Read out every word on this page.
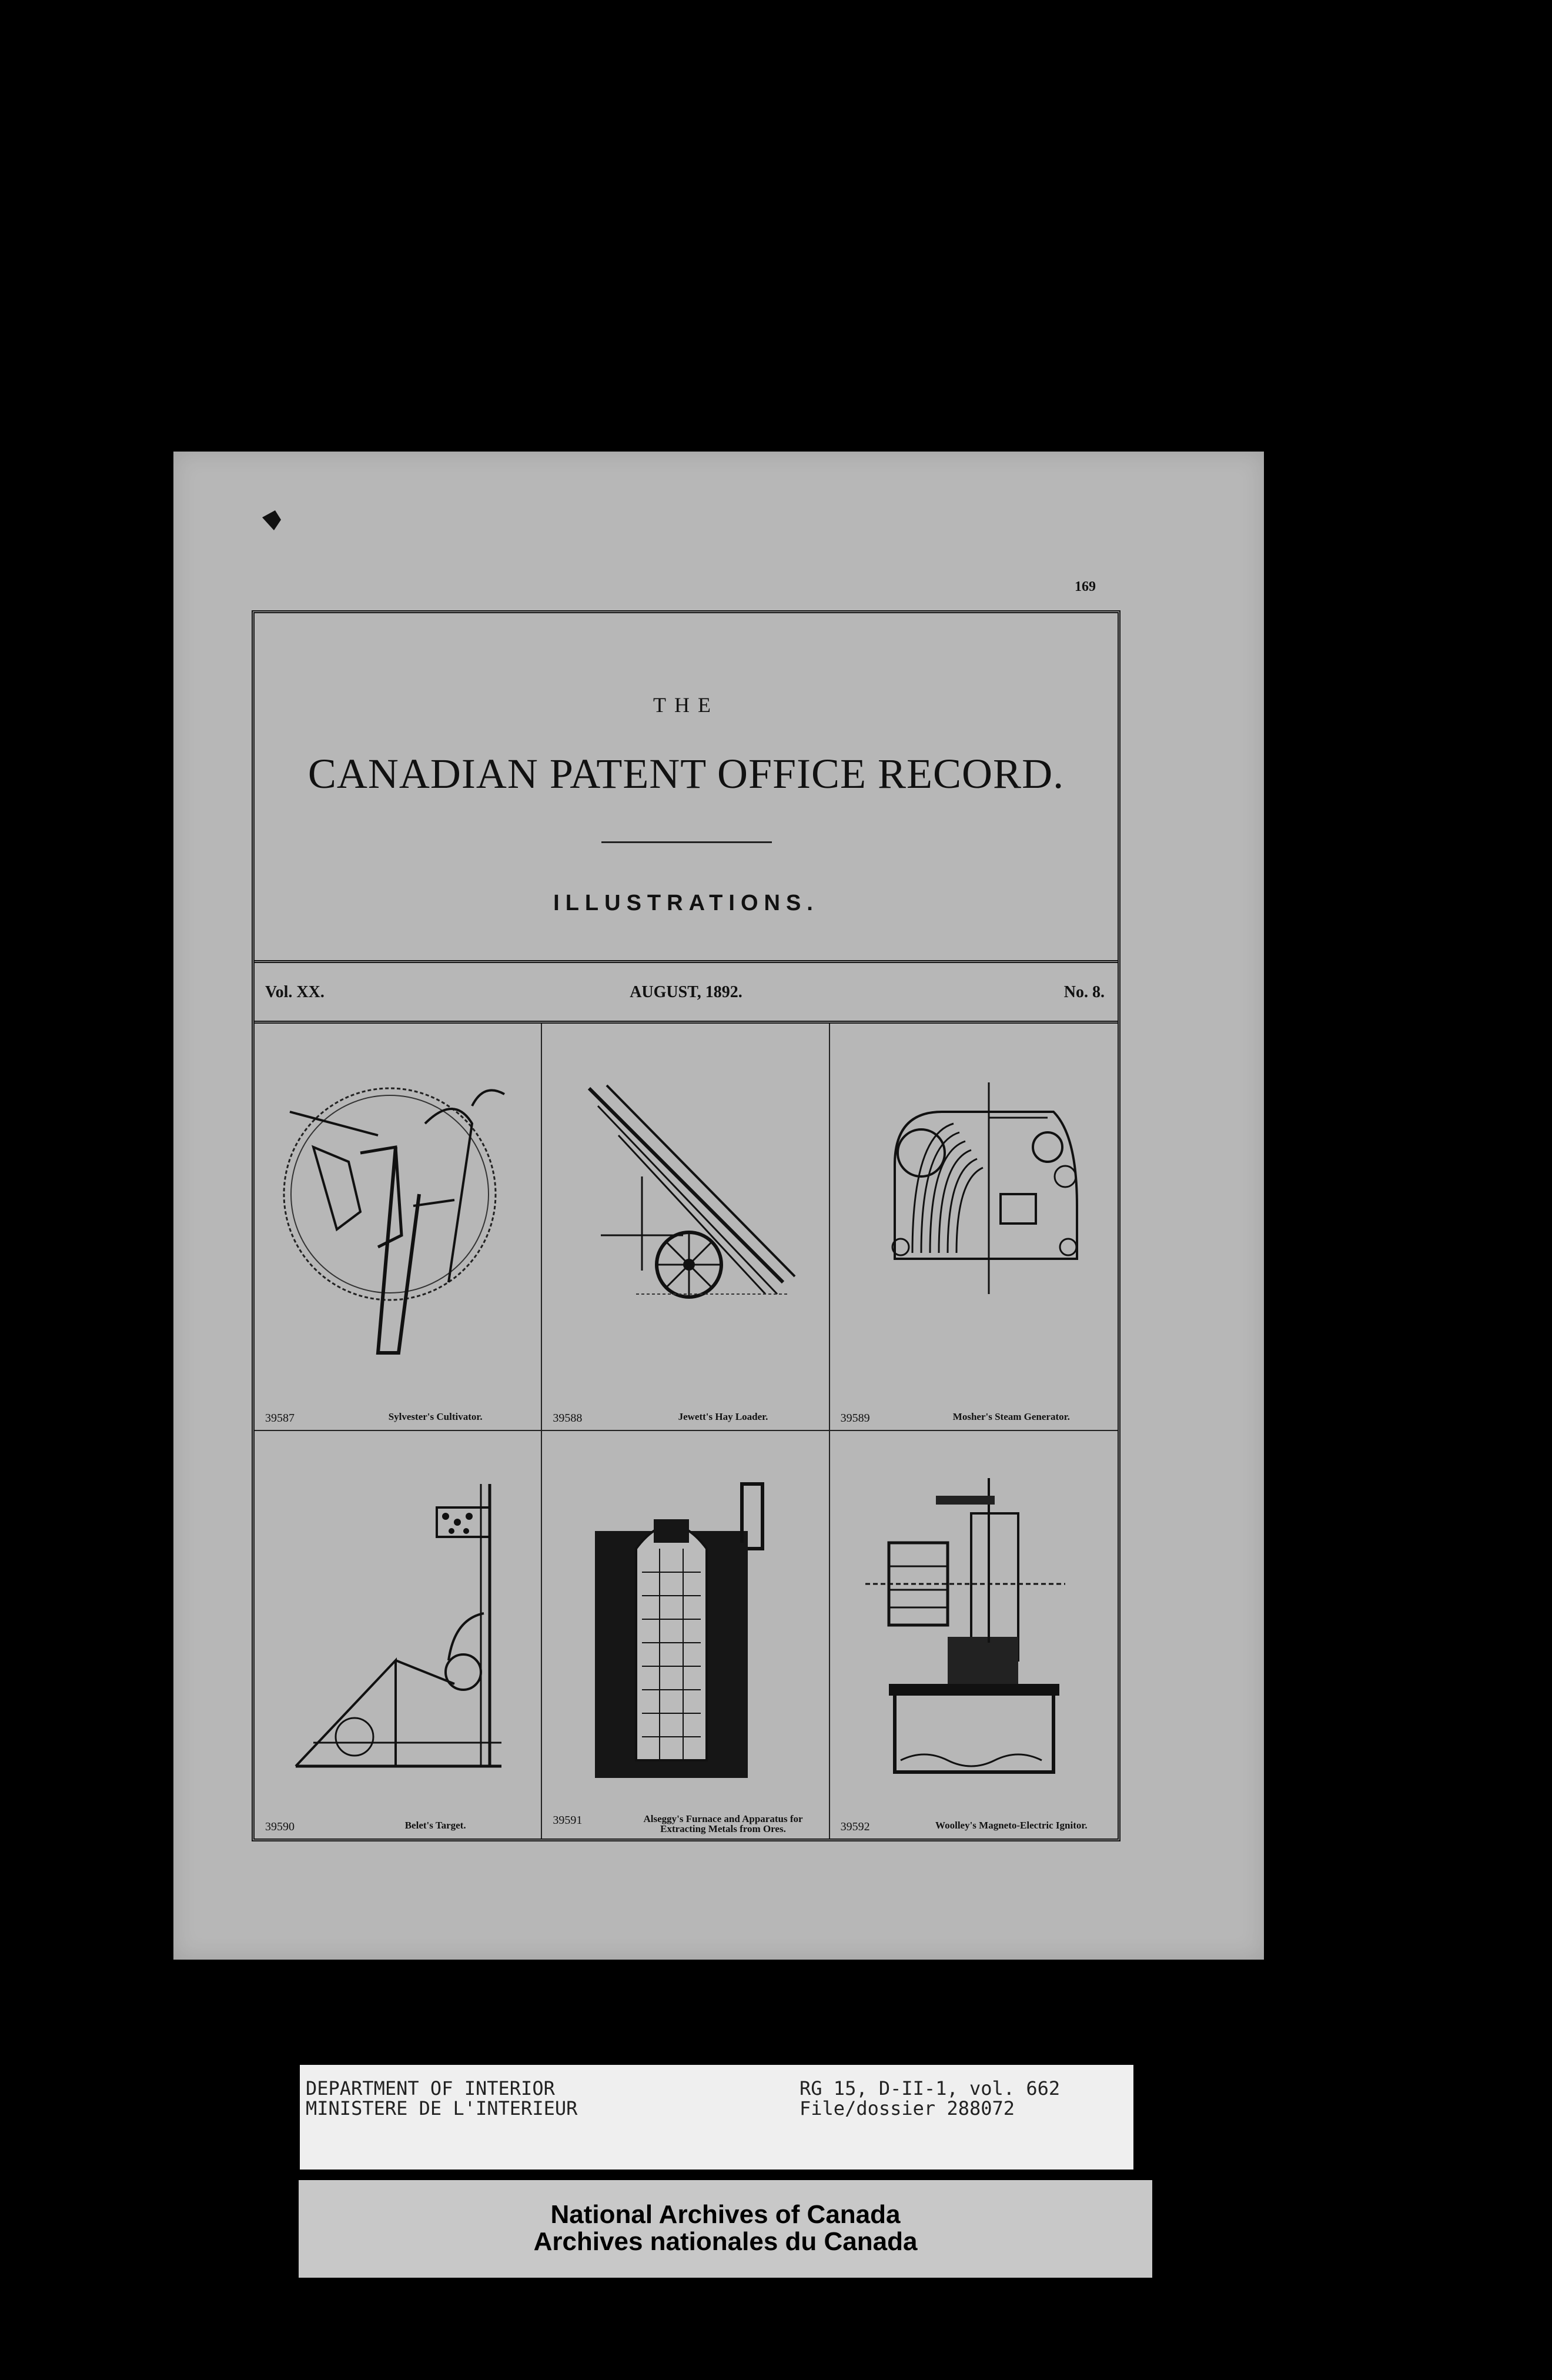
169
THE
CANADIAN PATENT OFFICE RECORD.
ILLUSTRATIONS.
Vol. XX.	AUGUST, 1892.	No. 8.
39587	Sylvester's Cultivator.	39588	Jewett's Hay Loader.	39589	Mosher's Steam Generator.
39590	Belet's Target.	39591	Alseggy's Furnace and Apparatus for Extracting Metals from Ores.	39592	Woolley's Magneto-Electric Ignitor.
DEPARTMENT OF INTERIOR
MINISTERE DE L'INTERIEUR
RG 15, D-II-1, vol. 662
File/dossier 288072
National Archives of Canada
Archives nationales du Canada
